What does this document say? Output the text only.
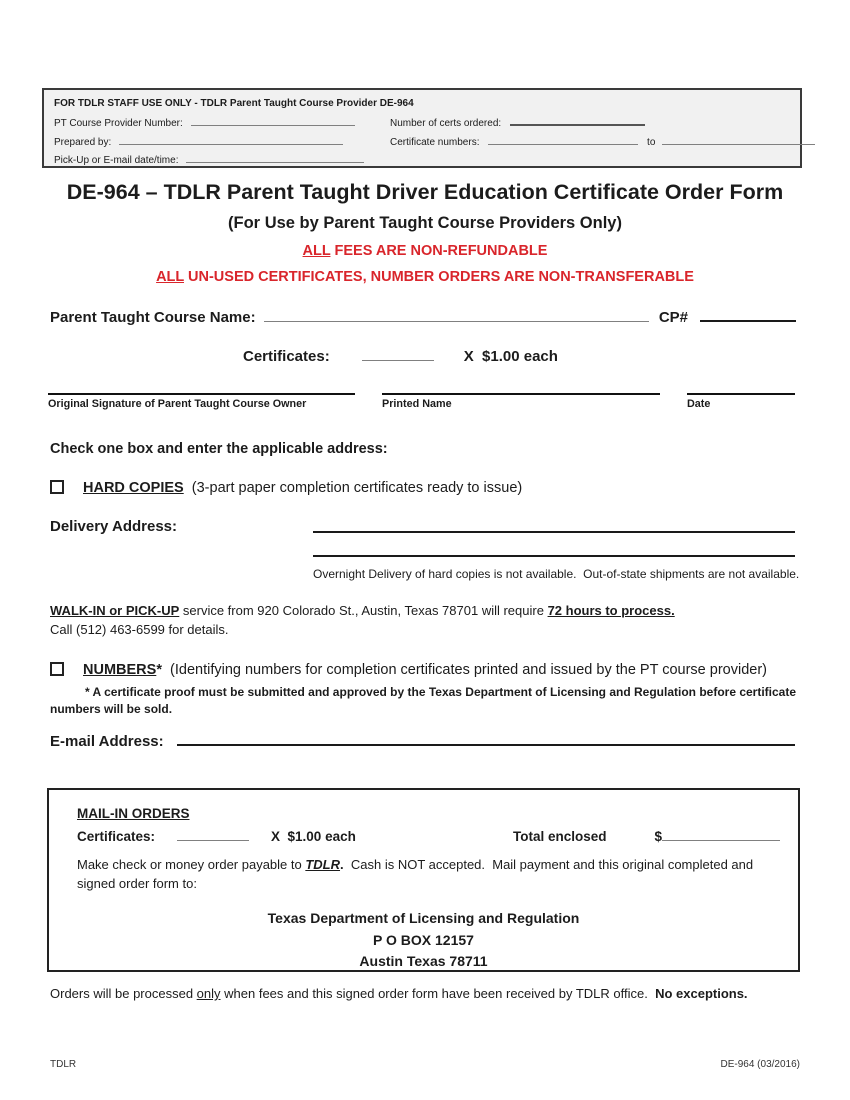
FOR TDLR STAFF USE ONLY - TDLR Parent Taught Course Provider DE-964
PT Course Provider Number:	Number of certs ordered:
Prepared by:	Certificate numbers:	to
Pick-Up or E-mail date/time:
DE-964 – TDLR Parent Taught Driver Education Certificate Order Form
(For Use by Parent Taught Course Providers Only)
ALL FEES ARE NON-REFUNDABLE
ALL UN-USED CERTIFICATES, NUMBER ORDERS ARE NON-TRANSFERABLE
Parent Taught Course Name:	CP#
Certificates:	X  $1.00 each
Original Signature of Parent Taught Course Owner	Printed Name	Date
Check one box and enter the applicable address:
HARD COPIES (3-part paper completion certificates ready to issue)
Delivery Address:
Overnight Delivery of hard copies is not available.  Out-of-state shipments are not available.
WALK-IN or PICK-UP service from 920 Colorado St., Austin, Texas 78701 will require 72 hours to process.
Call (512) 463-6599 for details.
NUMBERS* (Identifying numbers for completion certificates printed and issued by the PT course provider)
* A certificate proof must be submitted and approved by the Texas Department of Licensing and Regulation before certificate numbers will be sold.
E-mail Address:
MAIL-IN ORDERS
Certificates:	X  $1.00 each	Total enclosed	$
Make check or money order payable to TDLR.  Cash is NOT accepted.  Mail payment and this original completed and signed order form to:
Texas Department of Licensing and Regulation
P O BOX 12157
Austin Texas 78711
Orders will be processed only when fees and this signed order form have been received by TDLR office.  No exceptions.
TDLR	DE-964 (03/2016)
